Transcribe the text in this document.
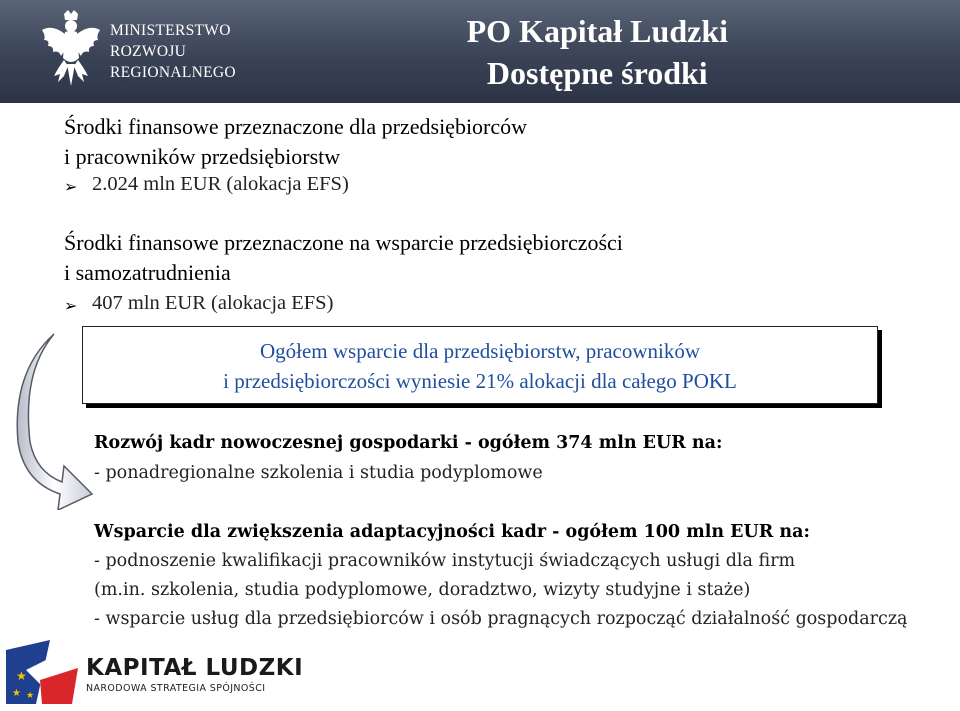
MINISTERSTWO
ROZWOJU
REGIONALNEGO
PO Kapitał Ludzki
Dostępne środki
Środki finansowe przeznaczone dla przedsiębiorców
i pracowników przedsiębiorstw
➢ 2.024 mln EUR (alokacja EFS)
Środki finansowe przeznaczone na wsparcie przedsiębiorczości
i samozatrudnienia
➢ 407 mln EUR (alokacja EFS)
Ogółem wsparcie dla przedsiębiorstw, pracowników
i przedsiębiorczości wyniesie 21% alokacji dla całego POKL
Rozwój kadr nowoczesnej gospodarki - ogółem 374 mln EUR na:
- ponadregionalne szkolenia i studia podyplomowe
Wsparcie dla zwiększenia adaptacyjności kadr - ogółem 100 mln EUR na:
- podnoszenie kwalifikacji pracowników instytucji świadczących usługi dla firm
(m.in. szkolenia, studia podyplomowe, doradztwo, wizyty studyjne i staże)
- wsparcie usług dla przedsiębiorców i osób pragnących rozpocząć działalność gospodarczą
★
★ ★
KAPITAŁ LUDZKI
NARODOWA STRATEGIA SPÓJNOŚCI
